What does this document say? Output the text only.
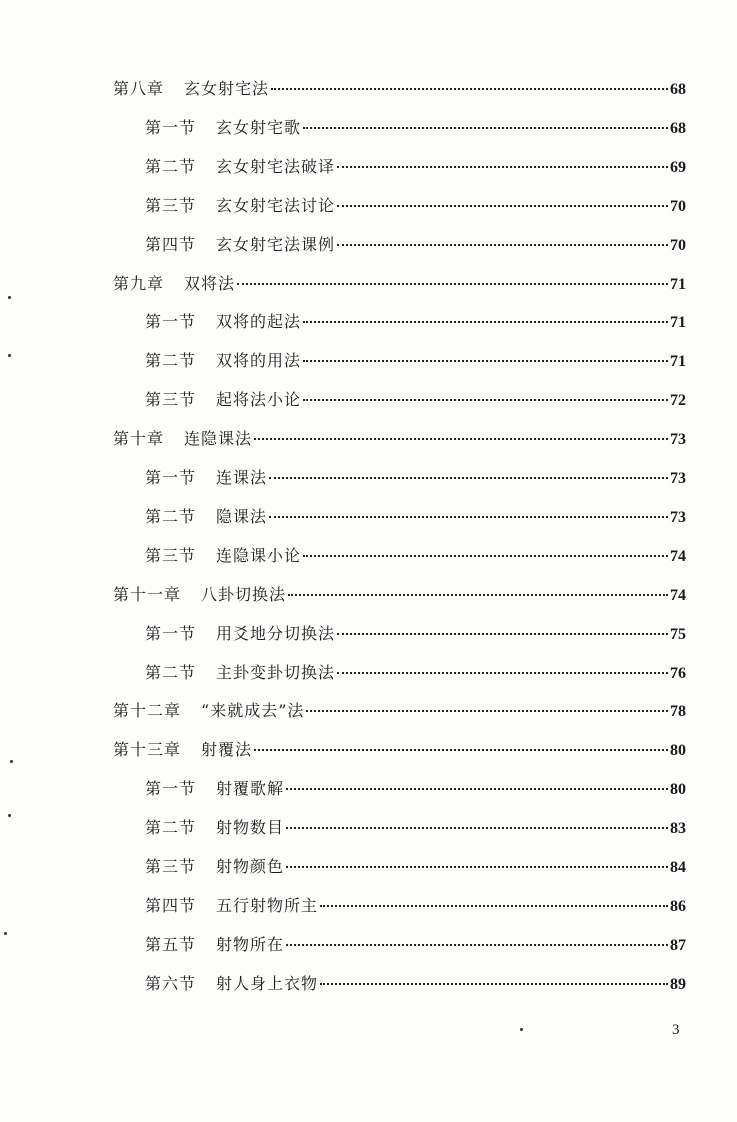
第八章 玄女射宅法	68
第一节 玄女射宅歌	68
第二节 玄女射宅法破译	69
第三节 玄女射宅法讨论	70
第四节 玄女射宅法课例	70
第九章 双将法	71
第一节 双将的起法	71
第二节 双将的用法	71
第三节 起将法小论	72
第十章 连隐课法	73
第一节 连课法	73
第二节 隐课法	73
第三节 连隐课小论	74
第十一章 八卦切换法	74
第一节 用爻地分切换法	75
第二节 主卦变卦切换法	76
第十二章 “来就成去”法	78
第十三章 射覆法	80
第一节 射覆歌解	80
第二节 射物数目	83
第三节 射物颜色	84
第四节 五行射物所主	86
第五节 射物所在	87
第六节 射人身上衣物	89
3
